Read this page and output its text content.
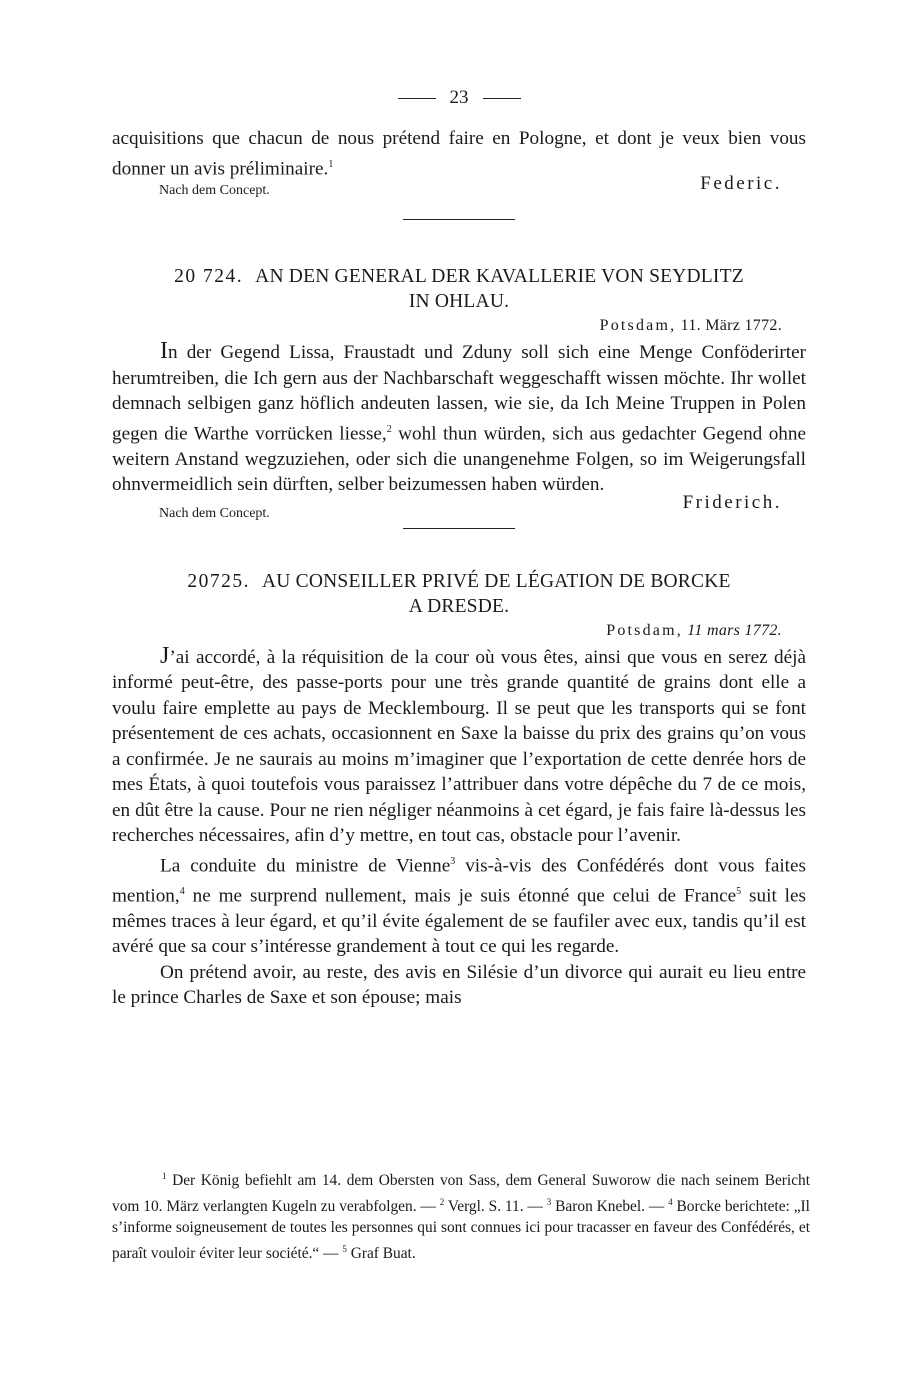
23

acquisitions que chacun de nous prétend faire en Pologne, et dont je veux bien vous donner un avis préliminaire.$^1$

Nach dem Concept.	Federic.
20 724. AN DEN GENERAL DER KAVALLERIE VON SEYDLITZ
IN OHLAU.
Potsdam, 11. März 1772.

In der Gegend Lissa, Fraustadt und Zduny soll sich eine Menge Conföderirter herumtreiben, die Ich gern aus der Nachbarschaft weggeschafft wissen möchte. Ihr wollet demnach selbigen ganz höflich andeuten lassen, wie sie, da Ich Meine Truppen in Polen gegen die Warthe vorrücken liesse,$^2$ wohl thun würden, sich aus gedachter Gegend ohne weitern Anstand wegzuziehen, oder sich die unangenehme Folgen, so im Weigerungsfall ohnvermeidlich sein dürften, selber beizumessen haben würden.

Nach dem Concept.
Friderich.
20725. AU CONSEILLER PRIVÉ DE LÉGATION DE BORCKE
A DRESDE.
Potsdam, 11 mars 1772.

J’ai accordé, à la réquisition de la cour où vous êtes, ainsi que vous en serez déjà informé peut-être, des passe-ports pour une très grande quantité de grains dont elle a voulu faire emplette au pays de Mecklembourg. Il se peut que les transports qui se font présentement de ces achats, occasionnent en Saxe la baisse du prix des grains qu’on vous a confirmée. Je ne saurais au moins m’imaginer que l’exportation de cette denrée hors de mes États, à quoi toutefois vous paraissez l’attribuer dans votre dépêche du 7 de ce mois, en dût être la cause. Pour ne rien négliger néanmoins à cet égard, je fais faire là-dessus les recherches nécessaires, afin d’y mettre, en tout cas, obstacle pour l’avenir.

La conduite du ministre de Vienne$^3$ vis-à-vis des Confédérés dont vous faites mention,$^4$ ne me surprend nullement, mais je suis étonné que celui de France$^5$ suit les mêmes traces à leur égard, et qu’il évite également de se faufiler avec eux, tandis qu’il est avéré que sa cour s’intéresse grandement à tout ce qui les regarde.

On prétend avoir, au reste, des avis en Silésie d’un divorce qui aurait eu lieu entre le prince Charles de Saxe et son épouse; mais

$^1$ Der König befiehlt am 14. dem Obersten von Sass, dem General Suworow die nach seinem Bericht vom 10. März verlangten Kugeln zu verabfolgen. — $^2$ Vergl. S. 11. — $^3$ Baron Knebel. — $^4$ Borcke berichtete: „Il s’informe soigneusement de toutes les personnes qui sont connues ici pour tracasser en faveur des Confédérés, et paraît vouloir éviter leur société.“ — $^5$ Graf Buat.
